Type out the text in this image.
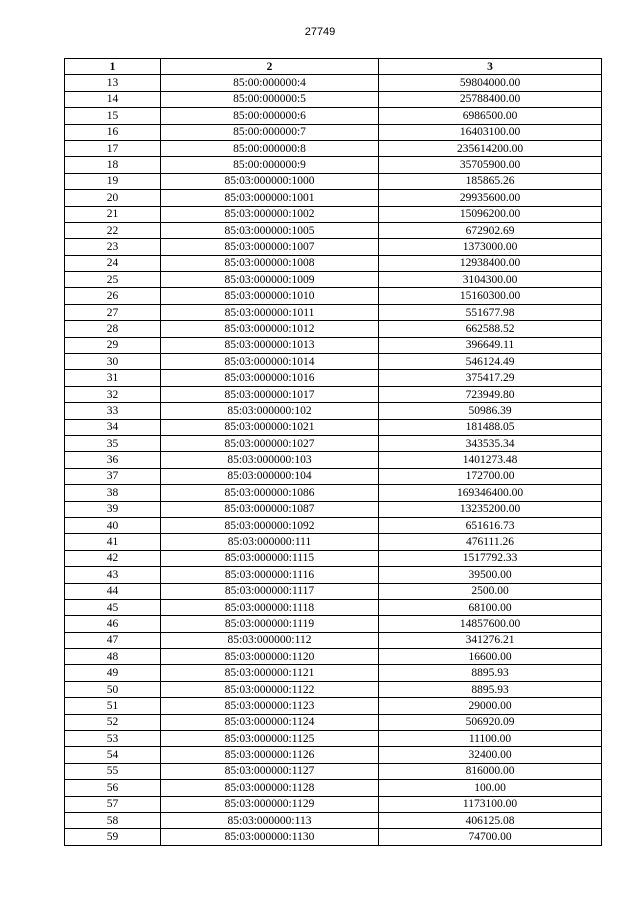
27749
1	2	3
13	85:00:000000:4	59804000.00
14	85:00:000000:5	25788400.00
15	85:00:000000:6	6986500.00
16	85:00:000000:7	16403100.00
17	85:00:000000:8	235614200.00
18	85:00:000000:9	35705900.00
19	85:03:000000:1000	185865.26
20	85:03:000000:1001	29935600.00
21	85:03:000000:1002	15096200.00
22	85:03:000000:1005	672902.69
23	85:03:000000:1007	1373000.00
24	85:03:000000:1008	12938400.00
25	85:03:000000:1009	3104300.00
26	85:03:000000:1010	15160300.00
27	85:03:000000:1011	551677.98
28	85:03:000000:1012	662588.52
29	85:03:000000:1013	396649.11
30	85:03:000000:1014	546124.49
31	85:03:000000:1016	375417.29
32	85:03:000000:1017	723949.80
33	85:03:000000:102	50986.39
34	85:03:000000:1021	181488.05
35	85:03:000000:1027	343535.34
36	85:03:000000:103	1401273.48
37	85:03:000000:104	172700.00
38	85:03:000000:1086	169346400.00
39	85:03:000000:1087	13235200.00
40	85:03:000000:1092	651616.73
41	85:03:000000:111	476111.26
42	85:03:000000:1115	1517792.33
43	85:03:000000:1116	39500.00
44	85:03:000000:1117	2500.00
45	85:03:000000:1118	68100.00
46	85:03:000000:1119	14857600.00
47	85:03:000000:112	341276.21
48	85:03:000000:1120	16600.00
49	85:03:000000:1121	8895.93
50	85:03:000000:1122	8895.93
51	85:03:000000:1123	29000.00
52	85:03:000000:1124	506920.09
53	85:03:000000:1125	11100.00
54	85:03:000000:1126	32400.00
55	85:03:000000:1127	816000.00
56	85:03:000000:1128	100.00
57	85:03:000000:1129	1173100.00
58	85:03:000000:113	406125.08
59	85:03:000000:1130	74700.00
